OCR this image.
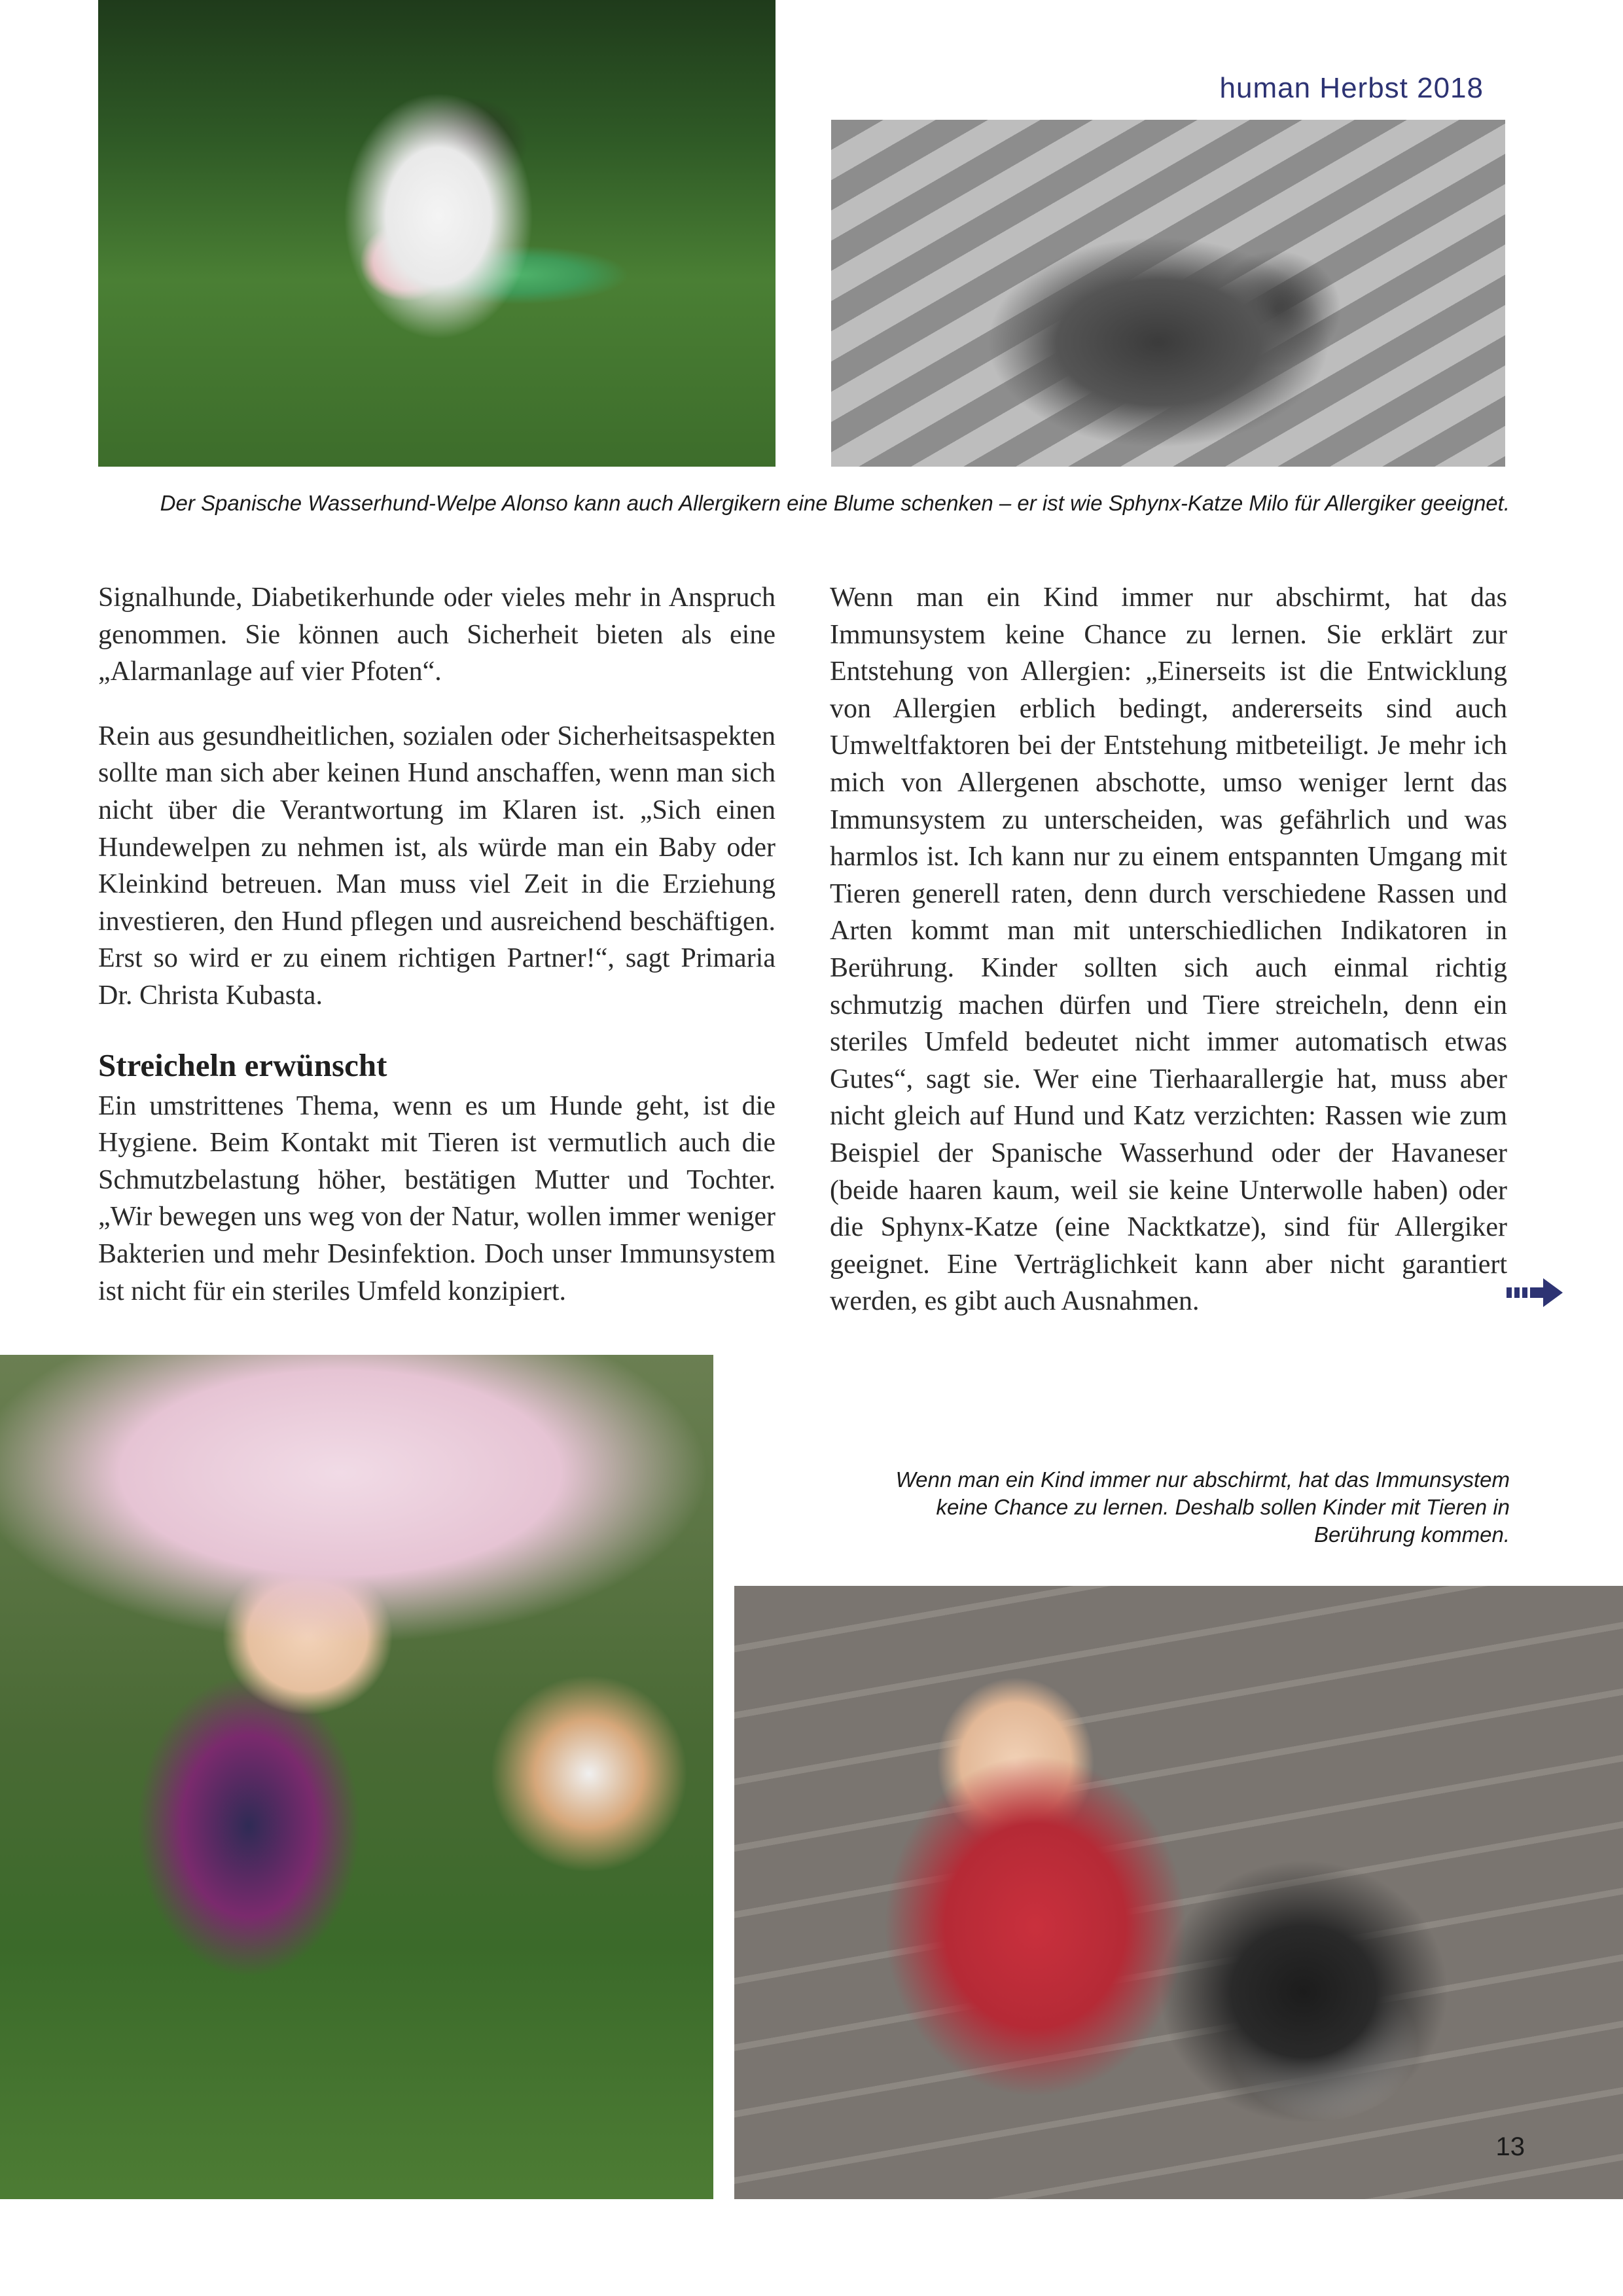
human Herbst 2018
Der Spanische Wasserhund-Welpe Alonso kann auch Allergikern eine Blume schenken – er ist wie Sphynx-Katze Milo für Allergiker geeignet.

Signalhunde, Diabetikerhunde oder vieles mehr in Anspruch genommen. Sie können auch Sicherheit bieten als eine „Alarmanlage auf vier Pfoten“.

Rein aus gesundheitlichen, sozialen oder Sicherheitsaspekten sollte man sich aber keinen Hund anschaffen, wenn man sich nicht über die Verantwortung im Klaren ist. „Sich einen Hundewelpen zu nehmen ist, als würde man ein Baby oder Kleinkind betreuen. Man muss viel Zeit in die Erziehung investieren, den Hund pflegen und ausreichend beschäftigen. Erst so wird er zu einem richtigen Partner!“, sagt Primaria Dr. Christa Kubasta.

Streicheln erwünscht

Ein umstrittenes Thema, wenn es um Hunde geht, ist die Hygiene. Beim Kontakt mit Tieren ist vermutlich auch die Schmutzbelastung höher, bestätigen Mutter und Tochter. „Wir bewegen uns weg von der Natur, wollen immer weniger Bakterien und mehr Desinfektion. Doch unser Immunsystem ist nicht für ein steriles Umfeld konzipiert.

Wenn man ein Kind immer nur abschirmt, hat das Immunsystem keine Chance zu lernen. Sie erklärt zur Entstehung von Allergien: „Einerseits ist die Entwicklung von Allergien erblich bedingt, andererseits sind auch Umweltfaktoren bei der Entstehung mitbeteiligt. Je mehr ich mich von Allergenen abschotte, umso weniger lernt das Immunsystem zu unterscheiden, was gefährlich und was harmlos ist. Ich kann nur zu einem entspannten Umgang mit Tieren generell raten, denn durch verschiedene Rassen und Arten kommt man mit unterschiedlichen Indikatoren in Berührung. Kinder sollten sich auch einmal richtig schmutzig machen dürfen und Tiere streicheln, denn ein steriles Umfeld bedeutet nicht immer automatisch etwas Gutes“, sagt sie. Wer eine Tierhaarallergie hat, muss aber nicht gleich auf Hund und Katz verzichten: Rassen wie zum Beispiel der Spanische Wasserhund oder der Havaneser (beide haaren kaum, weil sie keine Unterwolle haben) oder die Sphynx-Katze (eine Nacktkatze), sind für Allergiker geeignet. Eine Verträglichkeit kann aber nicht garantiert werden, es gibt auch Ausnahmen.

Wenn man ein Kind immer nur abschirmt, hat das Immunsystem keine Chance zu lernen. Deshalb sollen Kinder mit Tieren in Berührung kommen.
13
